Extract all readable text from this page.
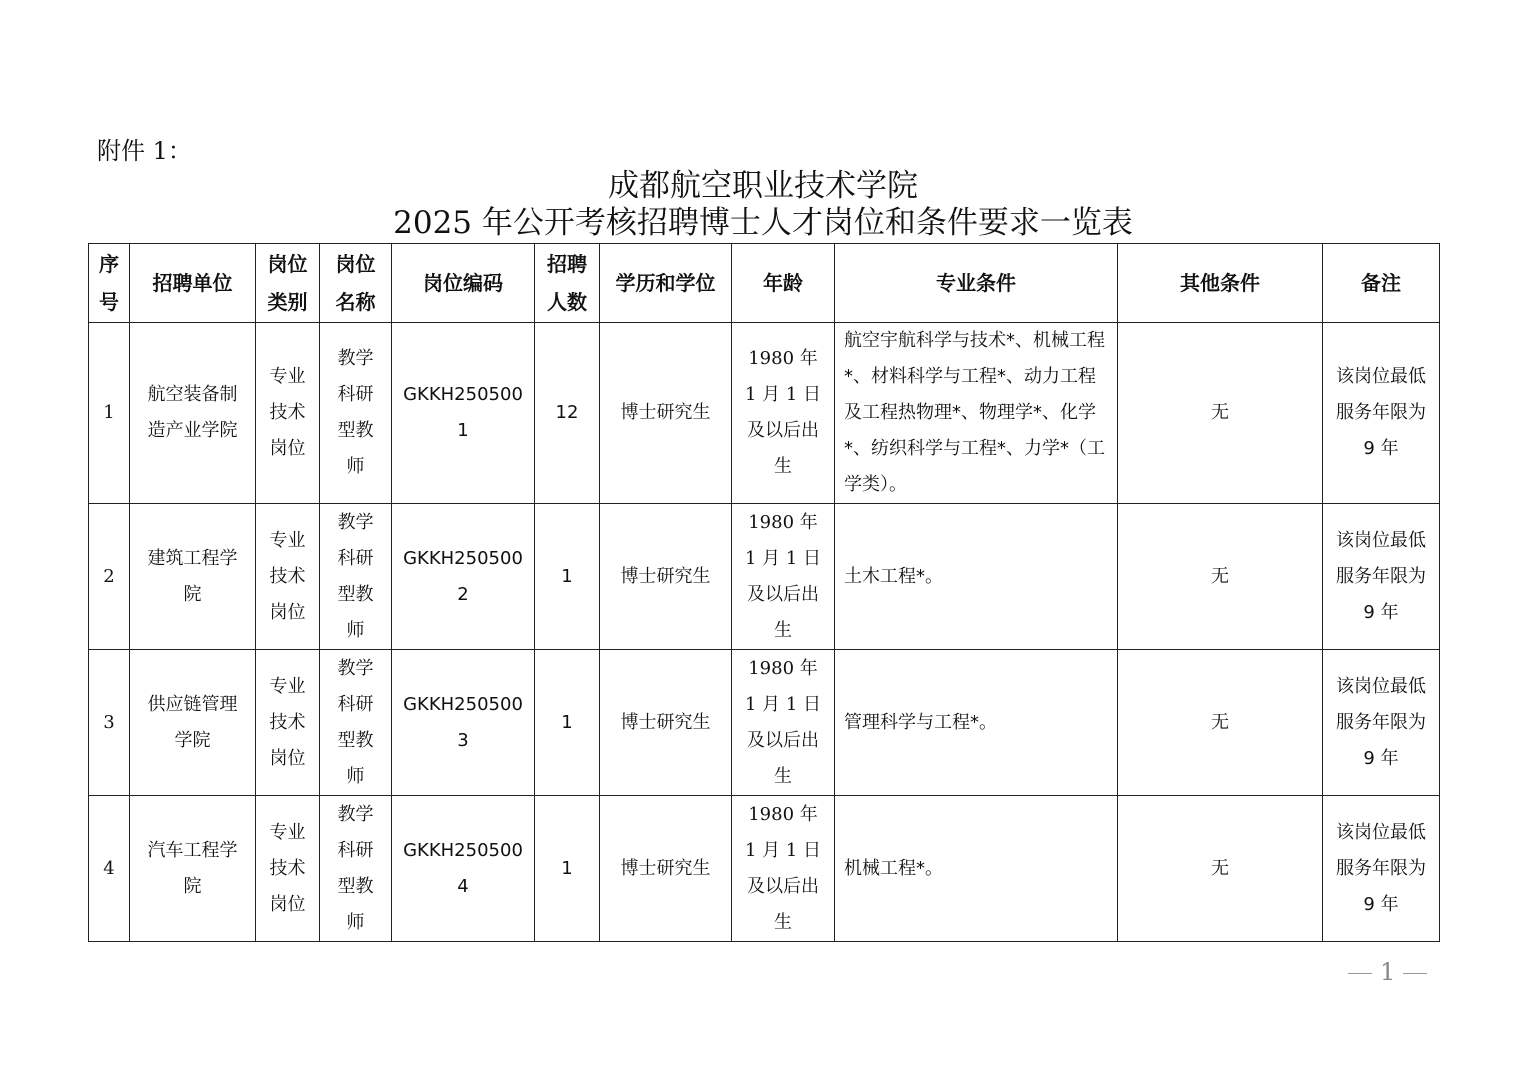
附件 1：
成都航空职业技术学院
2025 年公开考核招聘博士人才岗位和条件要求一览表
序号	招聘单位	岗位类别	岗位名称	岗位编码	招聘人数	学历和学位	年龄	专业条件	其他条件	备注
1	航空装备制造产业学院	专业技术岗位	教学科研型教师	GKKH2505001	12	博士研究生	1980 年 1 月 1 日及以后出生	航空宇航科学与技术*、机械工程*、材料科学与工程*、动力工程及工程热物理*、物理学*、化学*、纺织科学与工程*、力学*（工学类）。	无	该岗位最低服务年限为 9 年

2	建筑工程学院	专业技术岗位	教学科研型教师	GKKH2505002	1	博士研究生	1980 年 1 月 1 日及以后出生	土木工程*。	无	该岗位最低服务年限为 9 年

3	供应链管理学院	专业技术岗位	教学科研型教师	GKKH2505003	1	博士研究生	1980 年 1 月 1 日及以后出生	管理科学与工程*。	无	该岗位最低服务年限为 9 年

4	汽车工程学院	专业技术岗位	教学科研型教师	GKKH2505004	1	博士研究生	1980 年 1 月 1 日及以后出生	机械工程*。	无	该岗位最低服务年限为 9 年
1
